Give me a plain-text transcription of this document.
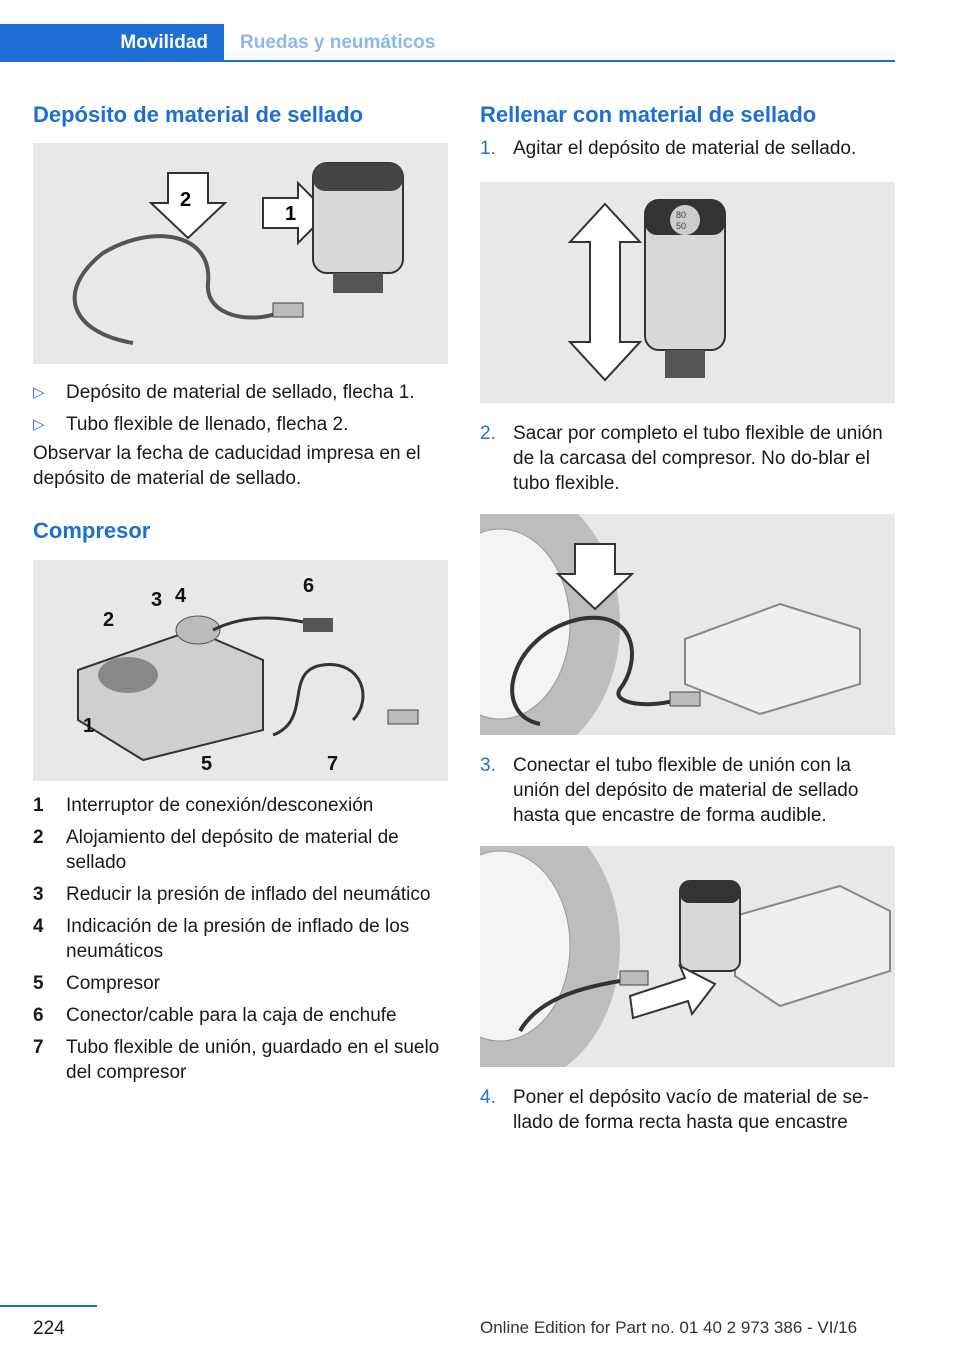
Movilidad	Ruedas y neumáticos
Depósito de material de sellado
2
1
▷ Depósito de material de sellado, flecha 1.
▷ Tubo flexible de llenado, flecha 2.

Observar la fecha de caducidad impresa en el depósito de material de sellado.

Compresor
1
2
3 4
5
6
7
1 Interruptor de conexión/desconexión
2 Alojamiento del depósito de material de sellado
3 Reducir la presión de inflado del neumático
4 Indicación de la presión de inflado de los neumáticos
5 Compresor
6 Conector/cable para la caja de enchufe
7 Tubo flexible de unión, guardado en el suelo del compresor
Rellenar con material de sellado
1. Agitar el depósito de material de sellado.
80
50
2. Sacar por completo el tubo flexible de unión de la carcasa del compresor. No do-blar el tubo flexible.
3. Conectar el tubo flexible de unión con la unión del depósito de material de sellado hasta que encastre de forma audible.
4. Poner el depósito vacío de material de se-llado de forma recta hasta que encastre
224	Online Edition for Part no. 01 40 2 973 386 - VI/16
